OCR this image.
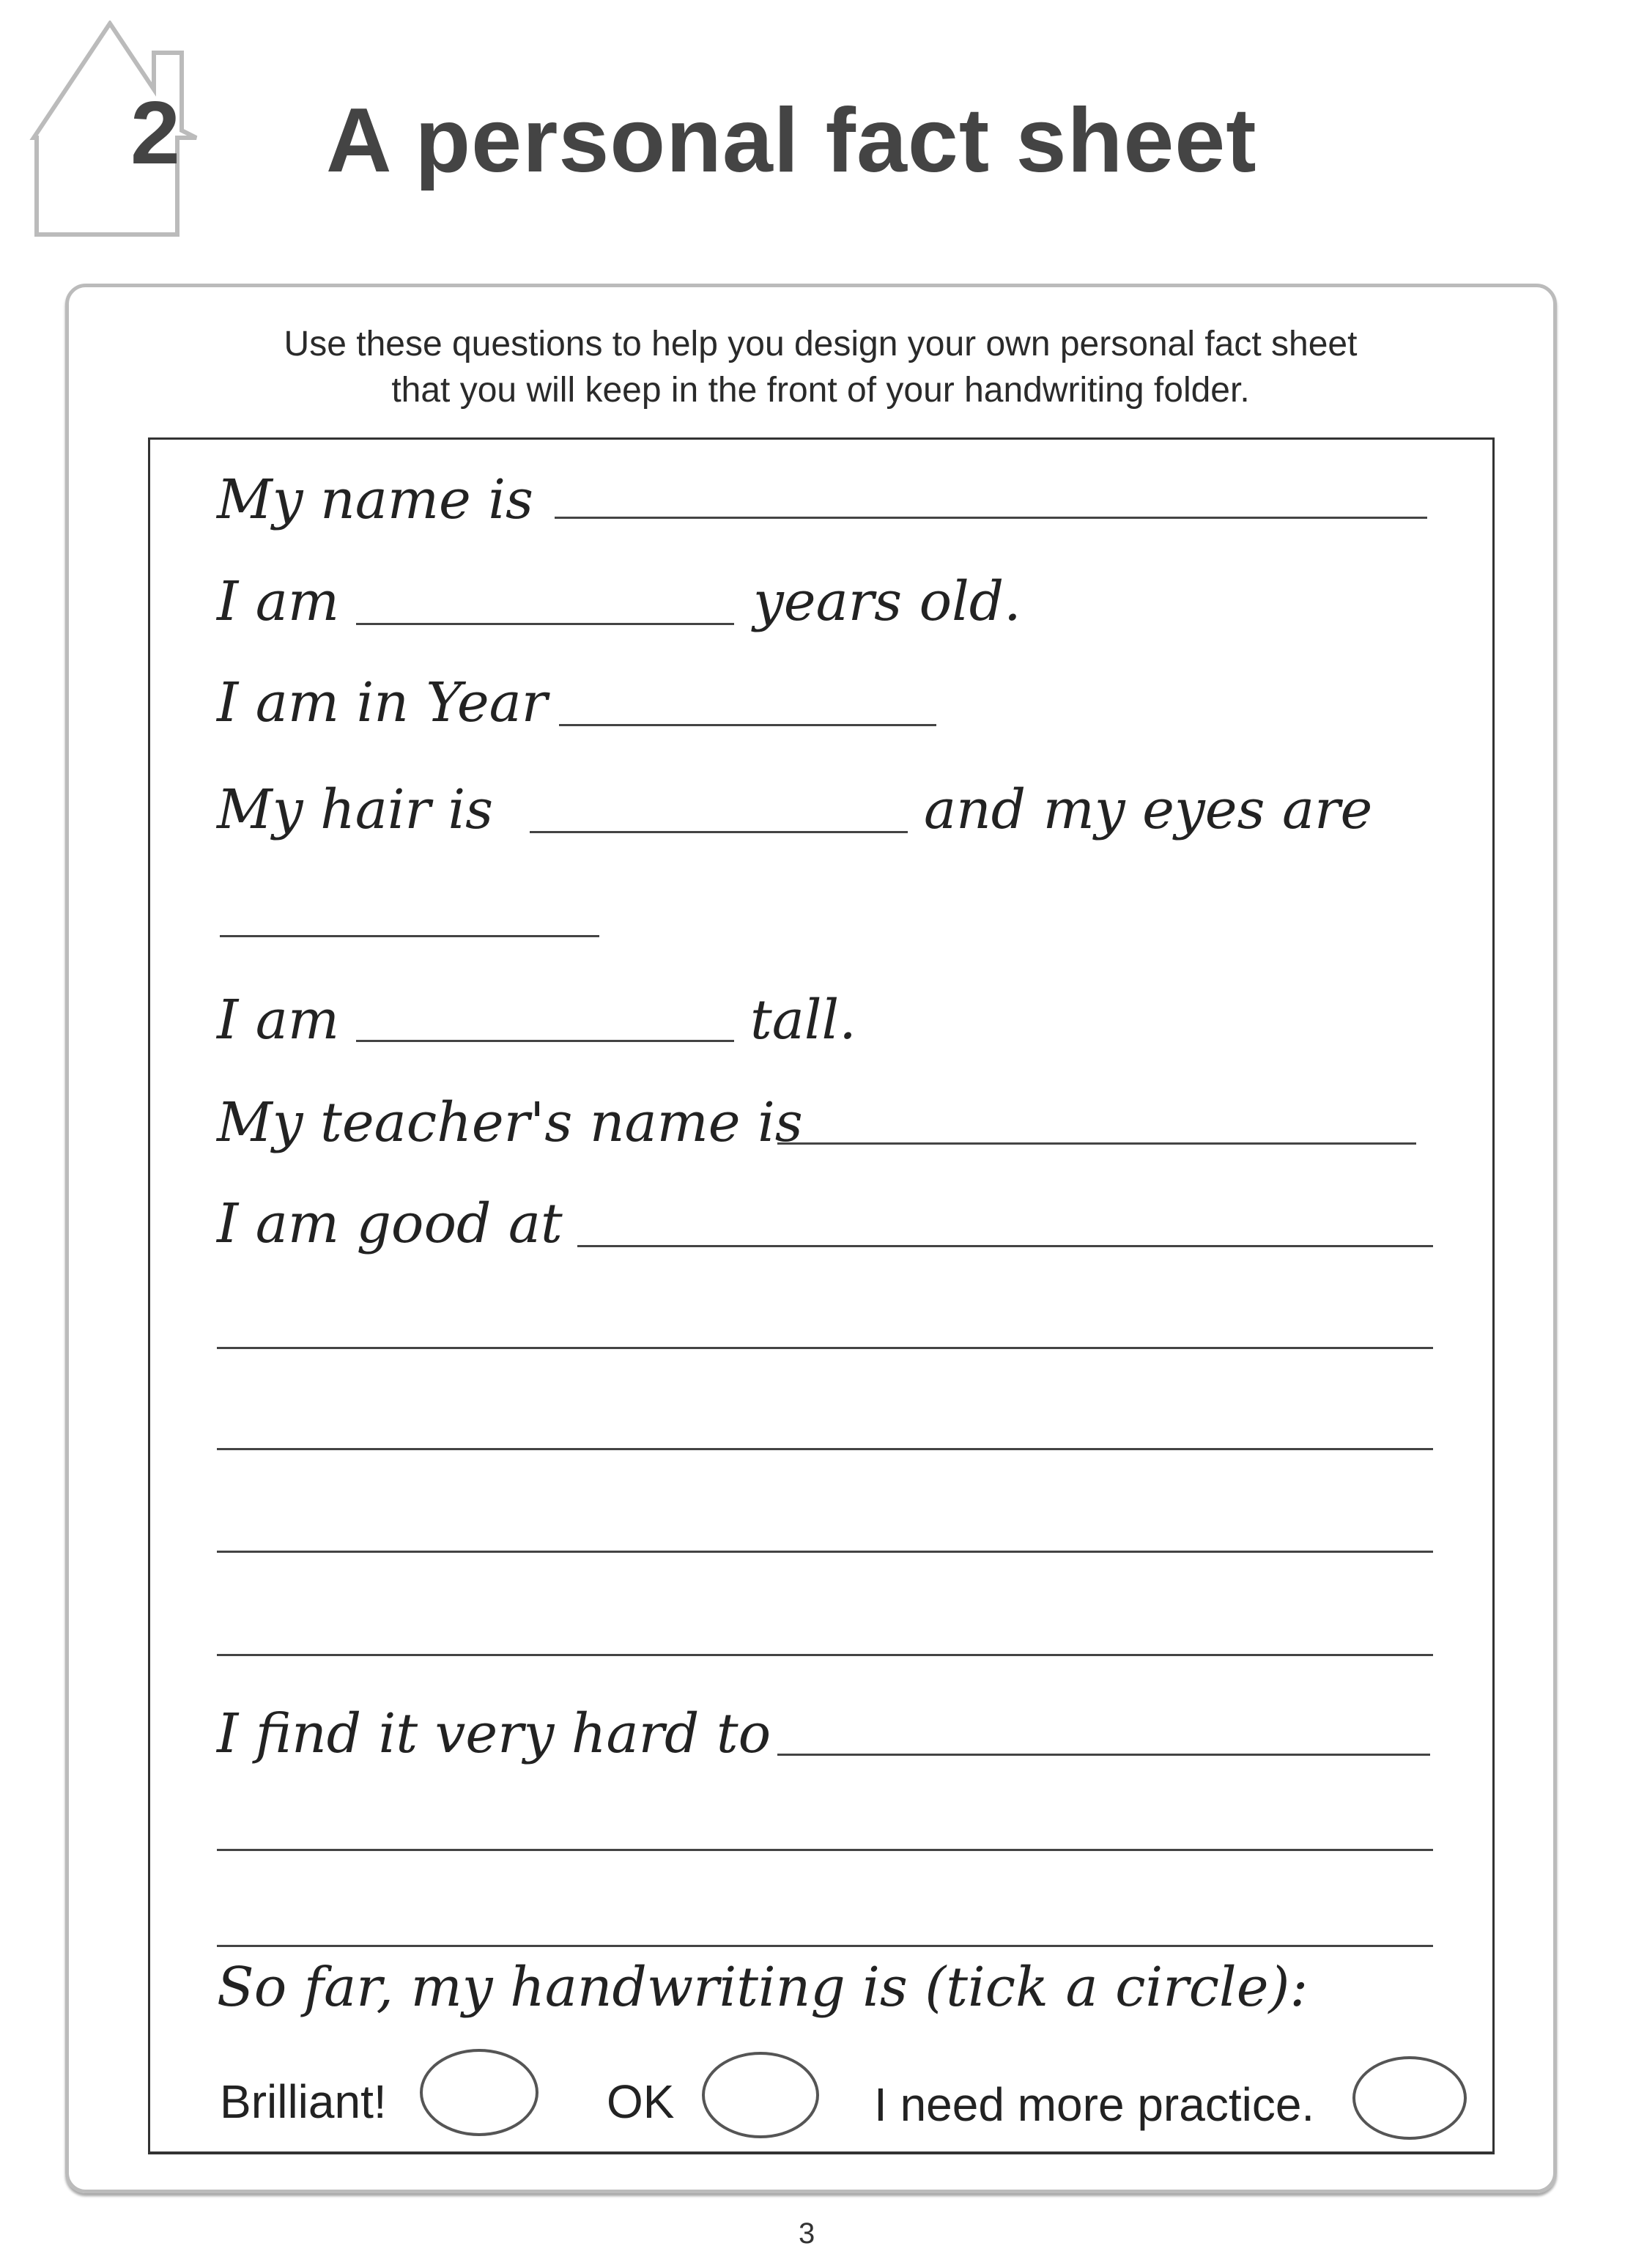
2 A personal fact sheet
Use these questions to help you design your own personal fact sheet
that you will keep in the front of your handwriting folder.
My name is
I am	years old.
I am in Year
My hair is	and my eyes are
I am	tall.
My teacher's name is
I am good at
I find it very hard to
So far, my handwriting is (tick a circle):
Brilliant!	OK	I need more practice.
3
